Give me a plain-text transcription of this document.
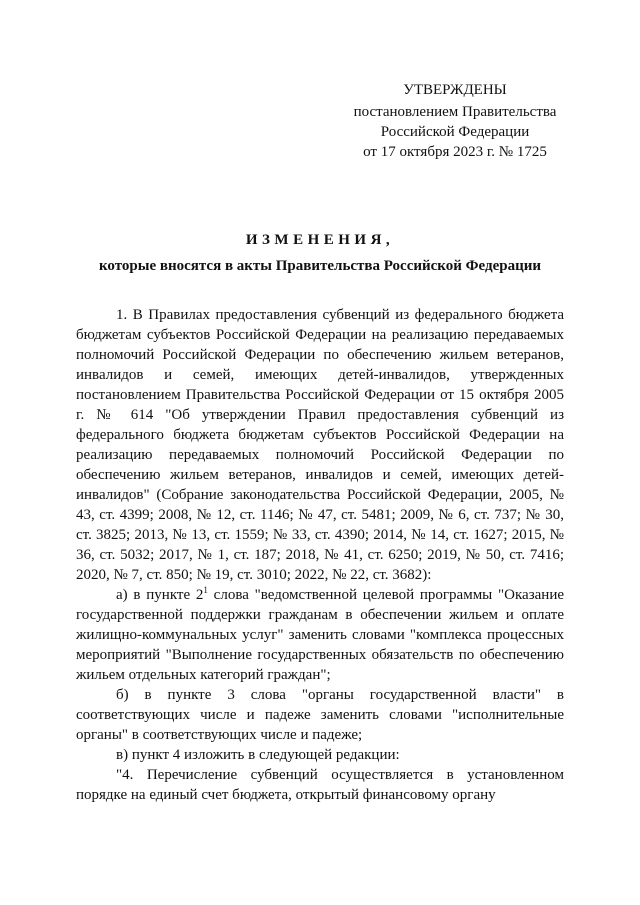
УТВЕРЖДЕНЫ
постановлением Правительства
Российской Федерации
от 17 октября 2023 г. № 1725
ИЗМЕНЕНИЯ,
которые вносятся в акты Правительства Российской Федерации

1. В Правилах предоставления субвенций из федерального бюджета бюджетам субъектов Российской Федерации на реализацию передаваемых полномочий Российской Федерации по обеспечению жильем ветеранов, инвалидов и семей, имеющих детей-инвалидов, утвержденных постановлением Правительства Российской Федерации от 15 октября 2005 г. № 614 "Об утверждении Правил предоставления субвенций из федерального бюджета бюджетам субъектов Российской Федерации на реализацию передаваемых полномочий Российской Федерации по обеспечению жильем ветеранов, инвалидов и семей, имеющих детей-инвалидов" (Собрание законодательства Российской Федерации, 2005, № 43, ст. 4399; 2008, № 12, ст. 1146; № 47, ст. 5481; 2009, № 6, ст. 737; № 30, ст. 3825; 2013, № 13, ст. 1559; № 33, ст. 4390; 2014, № 14, ст. 1627; 2015, № 36, ст. 5032; 2017, № 1, ст. 187; 2018, № 41, ст. 6250; 2019, № 50, ст. 7416; 2020, № 7, ст. 850; № 19, ст. 3010; 2022, № 22, ст. 3682):

а) в пункте $2^1$ слова "ведомственной целевой программы "Оказание государственной поддержки гражданам в обеспечении жильем и оплате жилищно-коммунальных услуг" заменить словами "комплекса процессных мероприятий "Выполнение государственных обязательств по обеспечению жильем отдельных категорий граждан";

б) в пункте 3 слова "органы государственной власти" в соответствующих числе и падеже заменить словами "исполнительные органы" в соответствующих числе и падеже;

в) пункт 4 изложить в следующей редакции:

"4. Перечисление субвенций осуществляется в установленном порядке на единый счет бюджета, открытый финансовому органу
